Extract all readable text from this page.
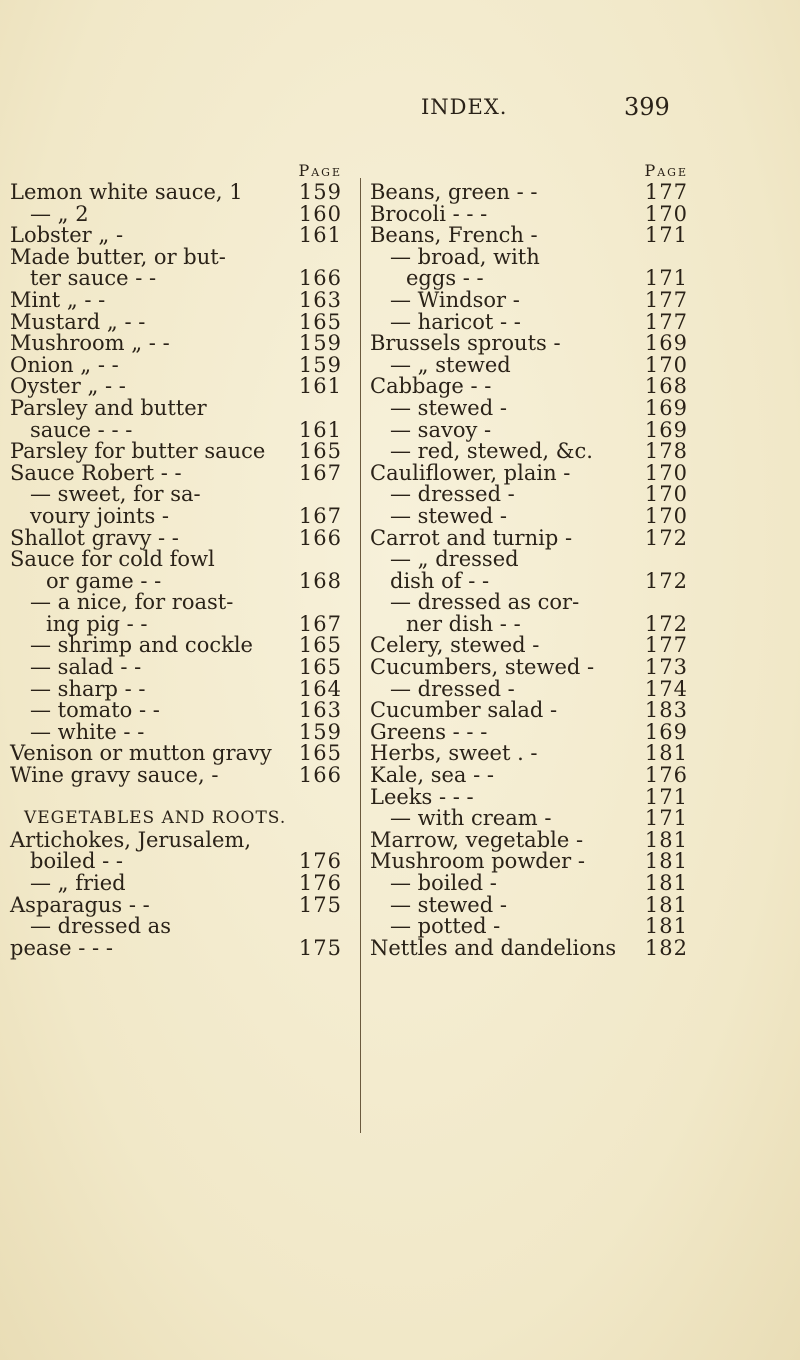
INDEX.	399
Page
Lemon white sauce, 1	159
— „ 2	160
Lobster „ -	161
Made butter, or but-
ter sauce - -	166
Mint „ - -	163
Mustard „ - -	165
Mushroom „ - -	159
Onion „ - -	159
Oyster „ - -	161
Parsley and butter
sauce - - -	161
Parsley for butter sauce 165
Sauce Robert - -	167
— sweet, for sa-
voury joints -	167
Shallot gravy - -	166
Sauce for cold fowl
or game - -	168
— a nice, for roast-
ing pig - -	167
— shrimp and cockle 165
— salad - -	165
— sharp - -	164
— tomato - -	163
— white - -	159
Venison or mutton gravy 165
Wine gravy sauce, -	166
VEGETABLES AND ROOTS.
Artichokes, Jerusalem,
boiled - -	176
— „ fried	176
Asparagus - -	175
— dressed as
pease - - -	175
Page
Beans, green - -	177
Brocoli - - -	170
Beans, French -	171
— broad, with
eggs - -	171
— Windsor -	177
— haricot - -	177
Brussels sprouts -	169
— „ stewed	170
Cabbage - -	168
— stewed -	169
— savoy -	169
— red, stewed, &c. 178
Cauliflower, plain -	170
— dressed -	170
— stewed -	170
Carrot and turnip -	172
— „ dressed
dish of - -	172
— dressed as cor-
ner dish - -	172
Celery, stewed -	177
Cucumbers, stewed - 173
— dressed -	174
Cucumber salad -	183
Greens - - -	169
Herbs, sweet . -	181
Kale, sea - -	176
Leeks - - -	171
— with cream -	171
Marrow, vegetable -	181
Mushroom powder -	181
— boiled -	181
— stewed -	181
— potted -	181
Nettles and dandelions 182
